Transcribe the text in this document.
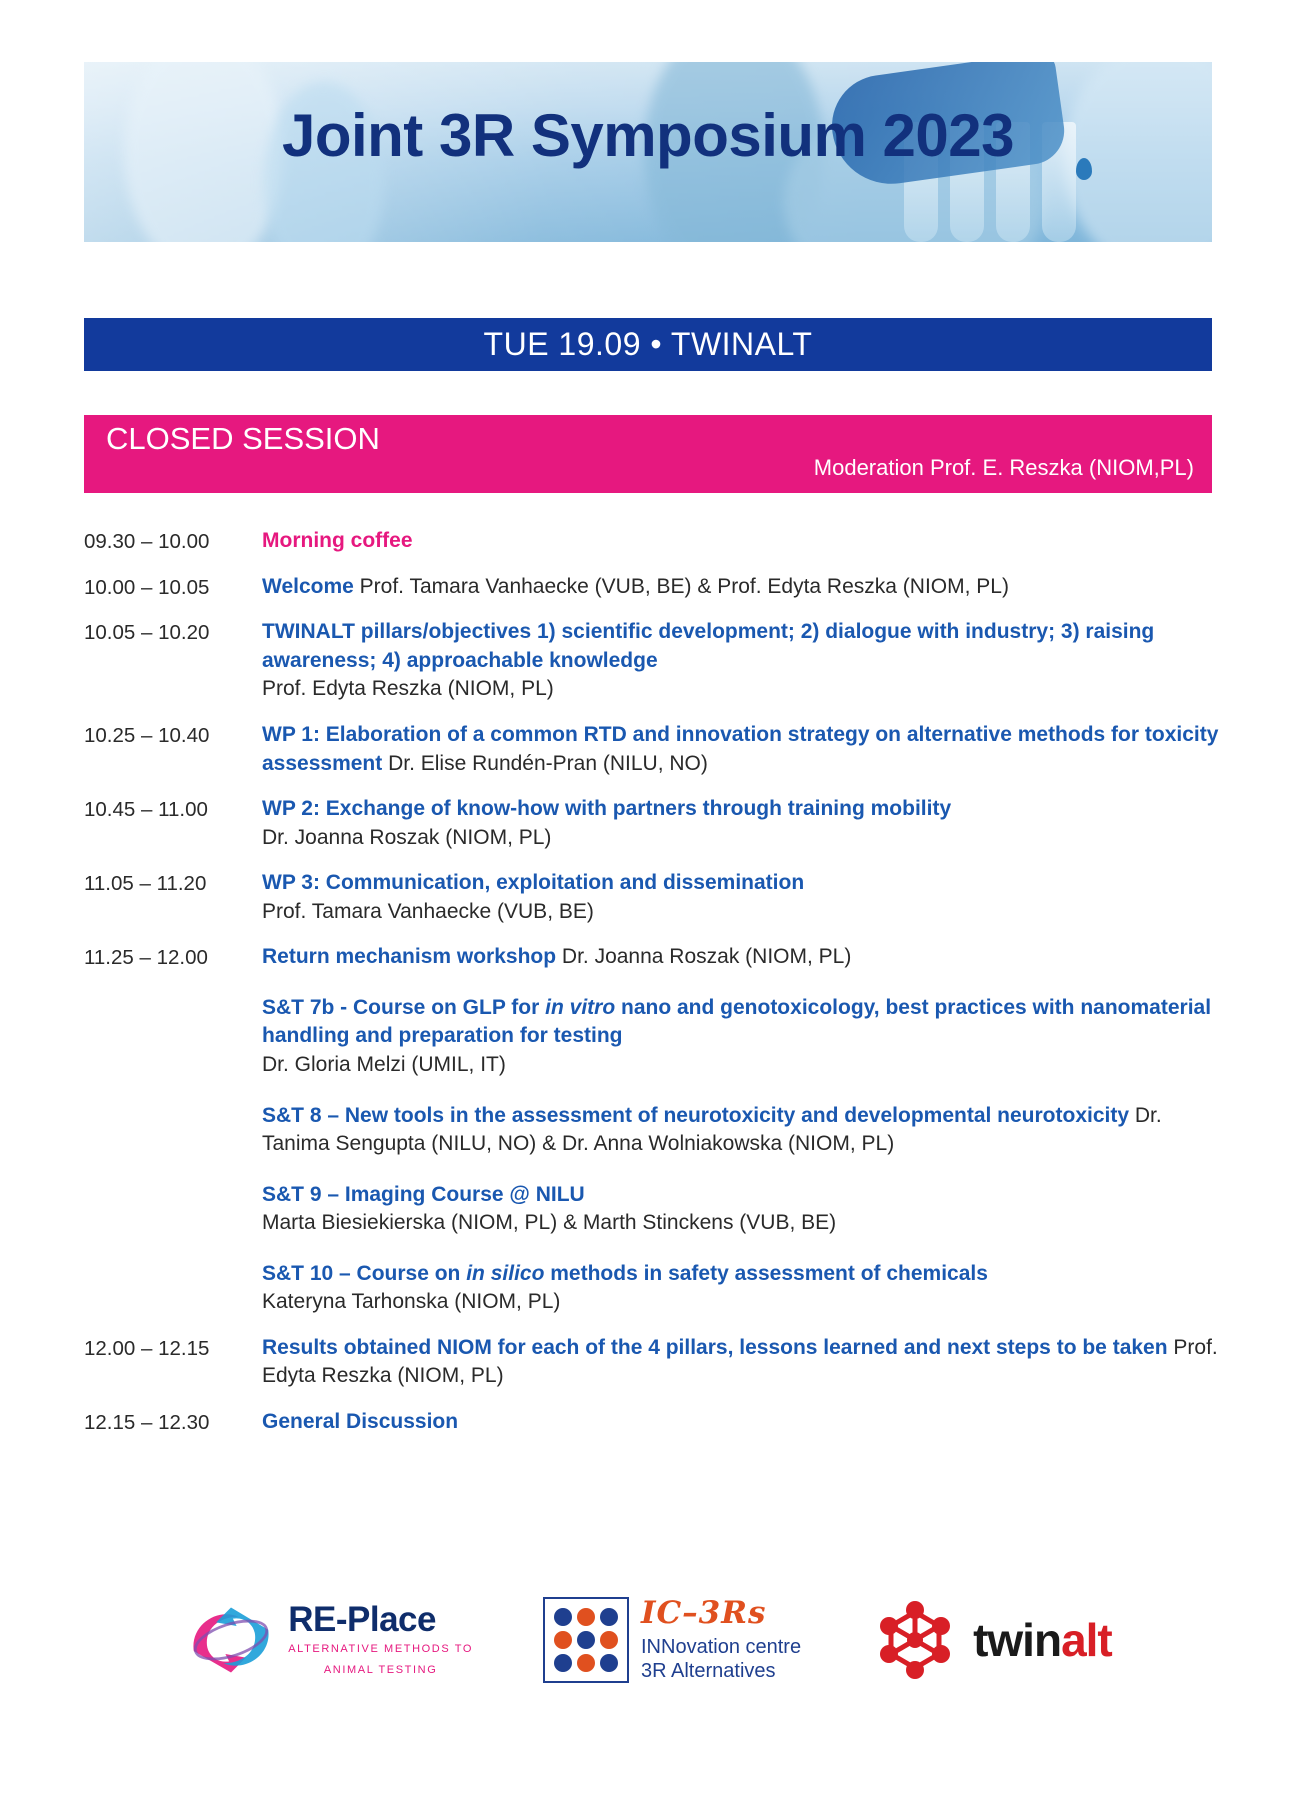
Joint 3R Symposium 2023
TUE 19.09 • TWINALT
CLOSED SESSION
Moderation Prof. E. Reszka (NIOM,PL)
09.30 – 10.00	Morning coffee
10.00 – 10.05	Welcome Prof. Tamara Vanhaecke (VUB, BE) & Prof. Edyta Reszka (NIOM, PL)
10.05 – 10.20	TWINALT pillars/objectives 1) scientific development; 2) dialogue with industry; 3) raising awareness; 4) approachable knowledge
Prof. Edyta Reszka (NIOM, PL)
10.25 – 10.40	WP 1: Elaboration of a common RTD and innovation strategy on alternative methods for toxicity assessment Dr. Elise Rundén-Pran (NILU, NO)
10.45 – 11.00	WP 2: Exchange of know-how with partners through training mobility
Dr. Joanna Roszak (NIOM, PL)
11.05 – 11.20	WP 3: Communication, exploitation and dissemination
Prof. Tamara Vanhaecke (VUB, BE)
11.25 – 12.00	Return mechanism workshop Dr. Joanna Roszak (NIOM, PL)
S&T 7b - Course on GLP for in vitro nano and genotoxicology, best practices with nanomaterial handling and preparation for testing
Dr. Gloria Melzi (UMIL, IT)
S&T 8 – New tools in the assessment of neurotoxicity and developmental neurotoxicity Dr. Tanima Sengupta (NILU, NO) & Dr. Anna Wolniakowska (NIOM, PL)
S&T 9 – Imaging Course @ NILU
Marta Biesiekierska (NIOM, PL) & Marth Stinckens (VUB, BE)
S&T 10 – Course on in silico methods in safety assessment of chemicals
Kateryna Tarhonska (NIOM, PL)
12.00 – 12.15	Results obtained NIOM for each of the 4 pillars, lessons learned and next steps to be taken Prof. Edyta Reszka (NIOM, PL)
12.15 – 12.30	General Discussion
RE-Place
ALTERNATIVE METHODS TO
ANIMAL TESTING
IC–3Rs
INNovation centre
3R Alternatives
twinalt
